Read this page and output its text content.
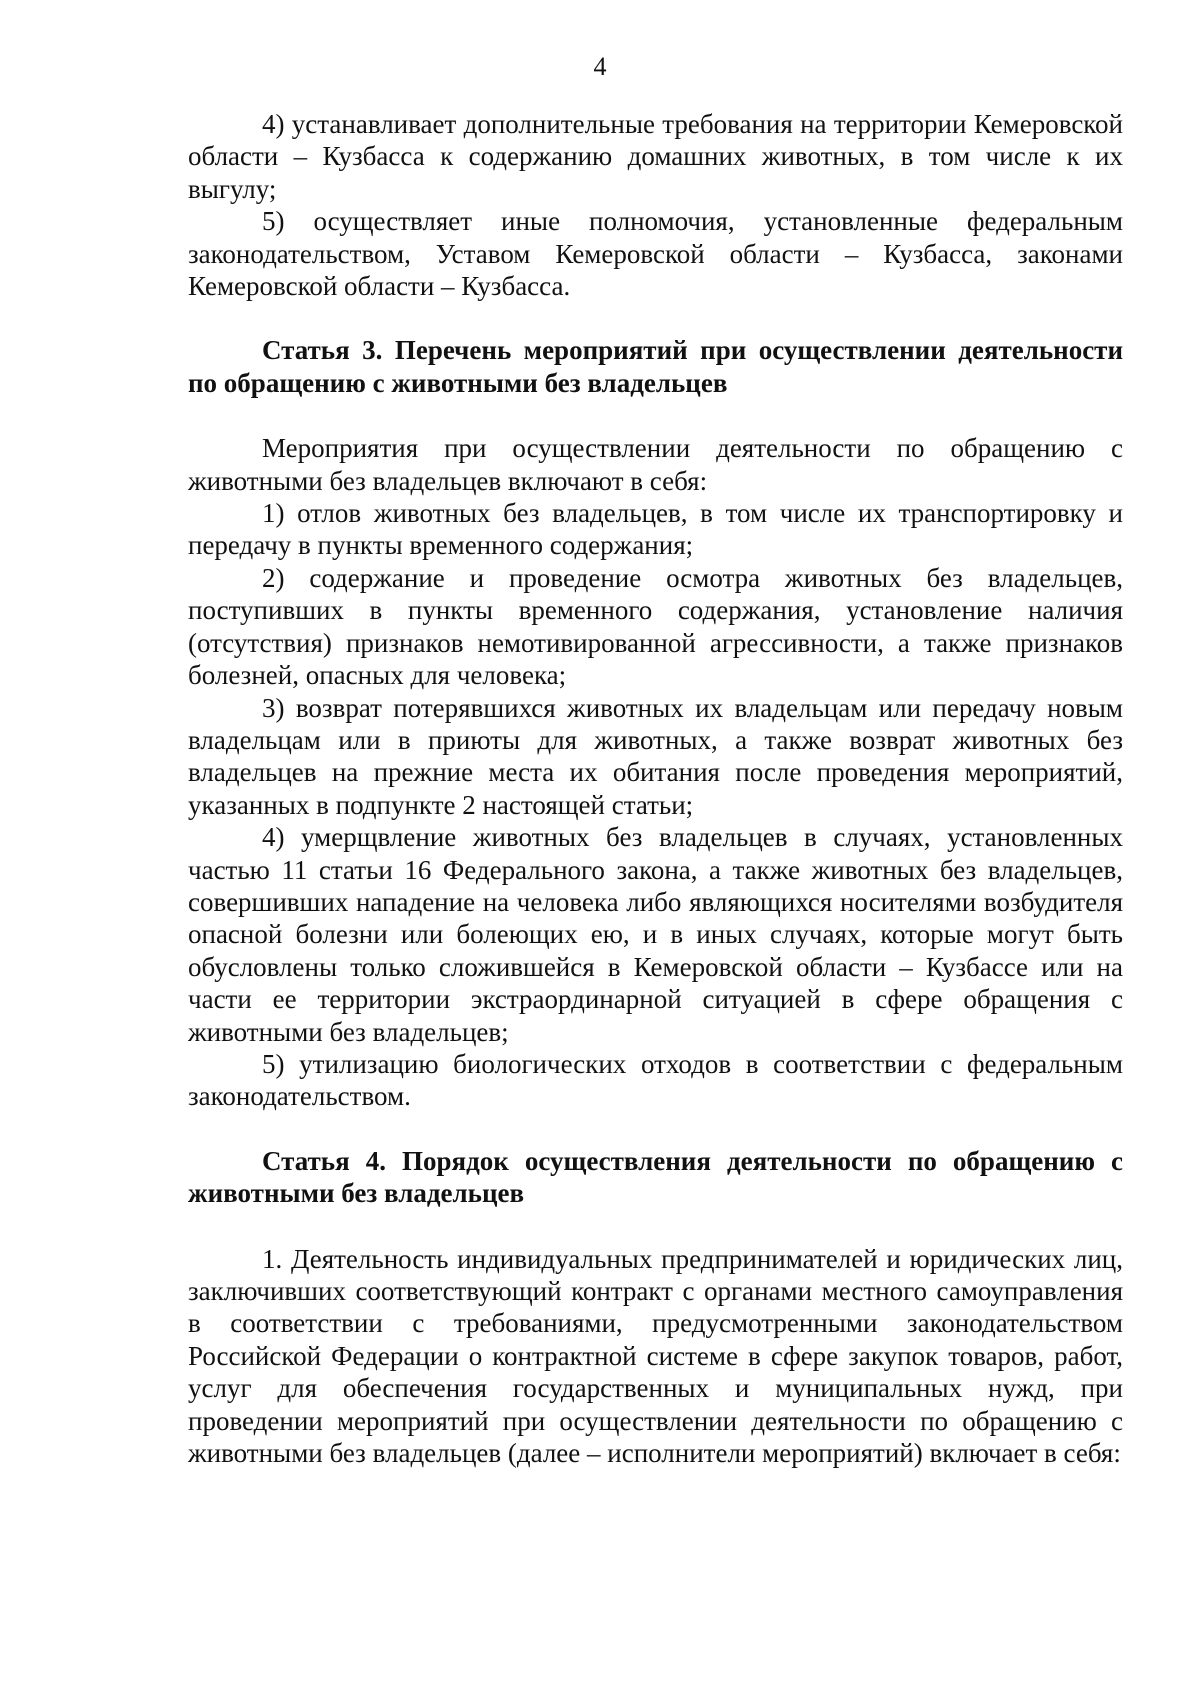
4

4) устанавливает дополнительные требования на территории Кемеровской области – Кузбасса к содержанию домашних животных, в том числе к их выгулу;

5) осуществляет иные полномочия, установленные федеральным законодательством, Уставом Кемеровской области – Кузбасса, законами Кемеровской области – Кузбасса.

Статья 3. Перечень мероприятий при осуществлении деятельности по обращению с животными без владельцев

Мероприятия при осуществлении деятельности по обращению с животными без владельцев включают в себя:

1) отлов животных без владельцев, в том числе их транспортировку и передачу в пункты временного содержания;

2) содержание и проведение осмотра животных без владельцев, поступивших в пункты временного содержания, установление наличия (отсутствия) признаков немотивированной агрессивности, а также признаков болезней, опасных для человека;

3) возврат потерявшихся животных их владельцам или передачу новым владельцам или в приюты для животных, а также возврат животных без владельцев на прежние места их обитания после проведения мероприятий, указанных в подпункте 2 настоящей статьи;

4) умерщвление животных без владельцев в случаях, установленных частью 11 статьи 16 Федерального закона, а также животных без владельцев, совершивших нападение на человека либо являющихся носителями возбудителя опасной болезни или болеющих ею, и в иных случаях, которые могут быть обусловлены только сложившейся в Кемеровской области – Кузбассе или на части ее территории экстраординарной ситуацией в сфере обращения с животными без владельцев;

5) утилизацию биологических отходов в соответствии с федеральным законодательством.

Статья 4. Порядок осуществления деятельности по обращению с животными без владельцев

1. Деятельность индивидуальных предпринимателей и юридических лиц, заключивших соответствующий контракт с органами местного самоуправления в соответствии с требованиями, предусмотренными законодательством Российской Федерации о контрактной системе в сфере закупок товаров, работ, услуг для обеспечения государственных и муниципальных нужд, при проведении мероприятий при осуществлении деятельности по обращению с животными без владельцев (далее – исполнители мероприятий) включает в себя:
